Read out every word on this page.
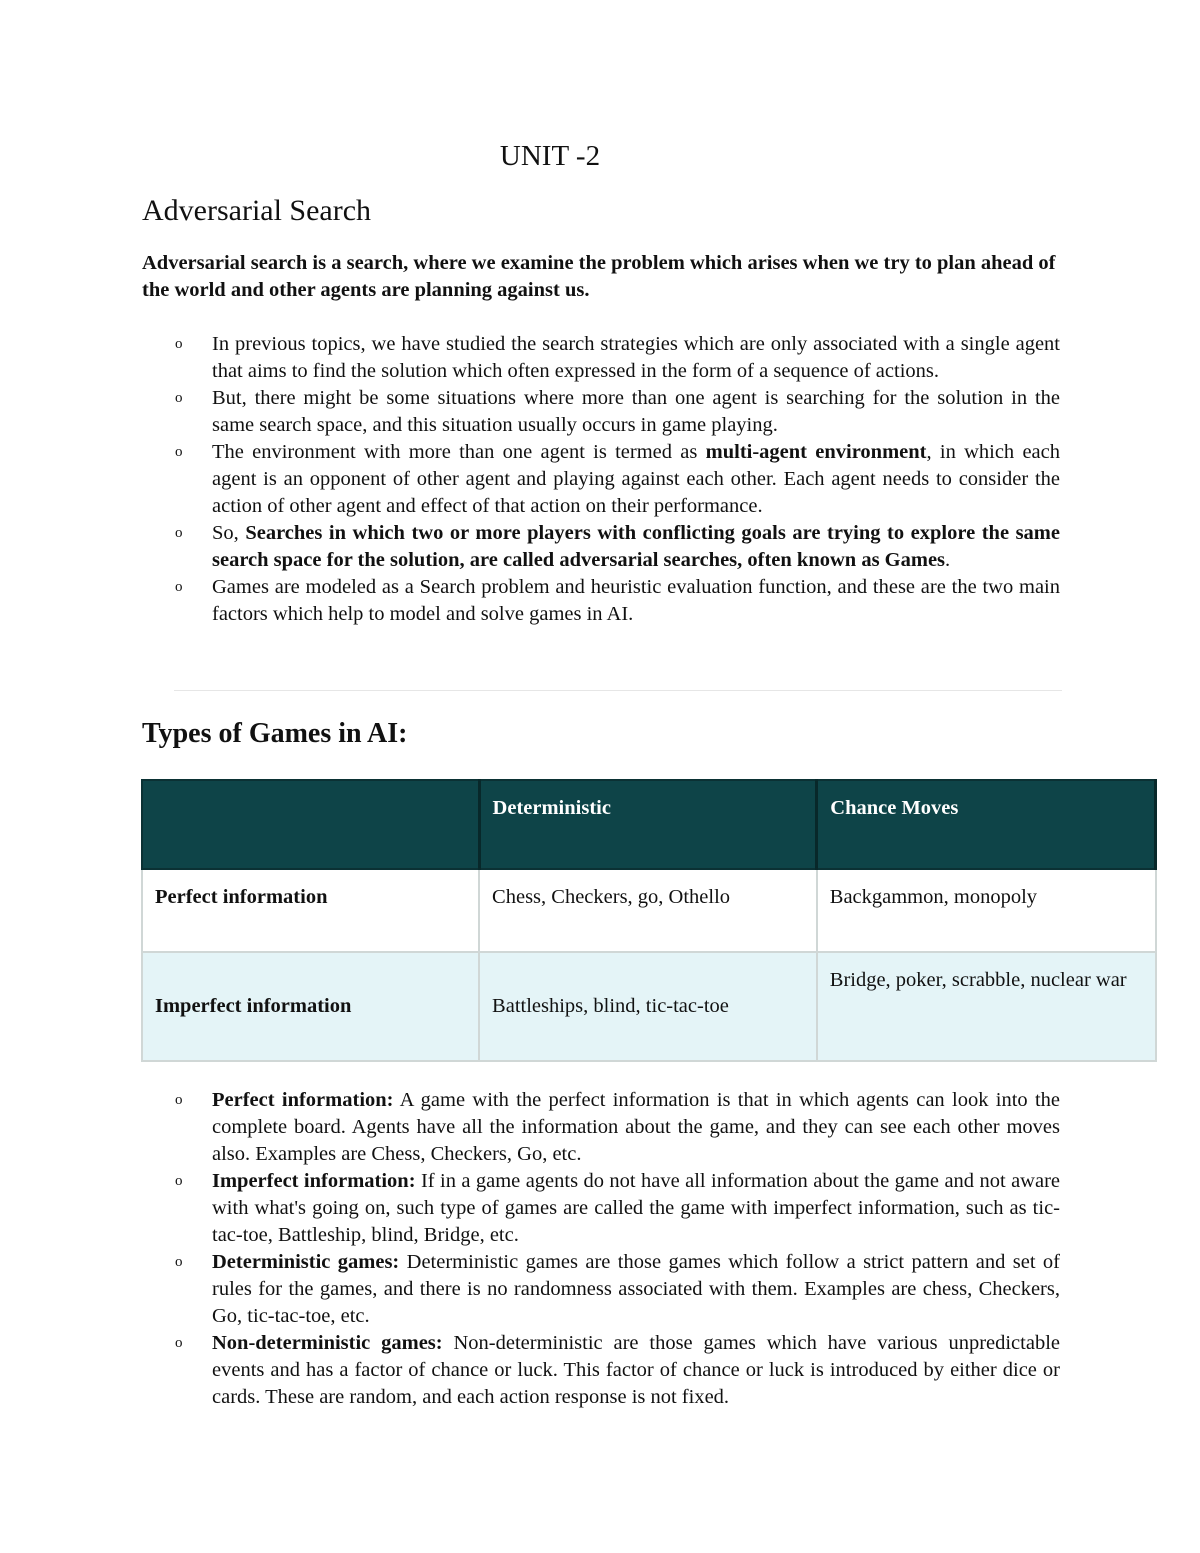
UNIT -2
Adversarial Search

Adversarial search is a search, where we examine the problem which arises when we try to plan ahead of the world and other agents are planning against us.

o In previous topics, we have studied the search strategies which are only associated with a single agent that aims to find the solution which often expressed in the form of a sequence of actions.
o But, there might be some situations where more than one agent is searching for the solution in the same search space, and this situation usually occurs in game playing.
o The environment with more than one agent is termed as multi-agent environment, in which each agent is an opponent of other agent and playing against each other. Each agent needs to consider the action of other agent and effect of that action on their performance.
o So, Searches in which two or more players with conflicting goals are trying to explore the same search space for the solution, are called adversarial searches, often known as Games.
o Games are modeled as a Search problem and heuristic evaluation function, and these are the two main factors which help to model and solve games in AI.
Types of Games in AI:
	Deterministic	Chance Moves
Perfect information	Chess, Checkers, go, Othello	Backgammon, monopoly
Imperfect information	Battleships, blind, tic-tac-toe	Bridge, poker, scrabble, nuclear war
o Perfect information: A game with the perfect information is that in which agents can look into the complete board. Agents have all the information about the game, and they can see each other moves also. Examples are Chess, Checkers, Go, etc.
o Imperfect information: If in a game agents do not have all information about the game and not aware with what's going on, such type of games are called the game with imperfect information, such as tic-tac-toe, Battleship, blind, Bridge, etc.
o Deterministic games: Deterministic games are those games which follow a strict pattern and set of rules for the games, and there is no randomness associated with them. Examples are chess, Checkers, Go, tic-tac-toe, etc.
o Non-deterministic games: Non-deterministic are those games which have various unpredictable events and has a factor of chance or luck. This factor of chance or luck is introduced by either dice or cards. These are random, and each action response is not fixed.
